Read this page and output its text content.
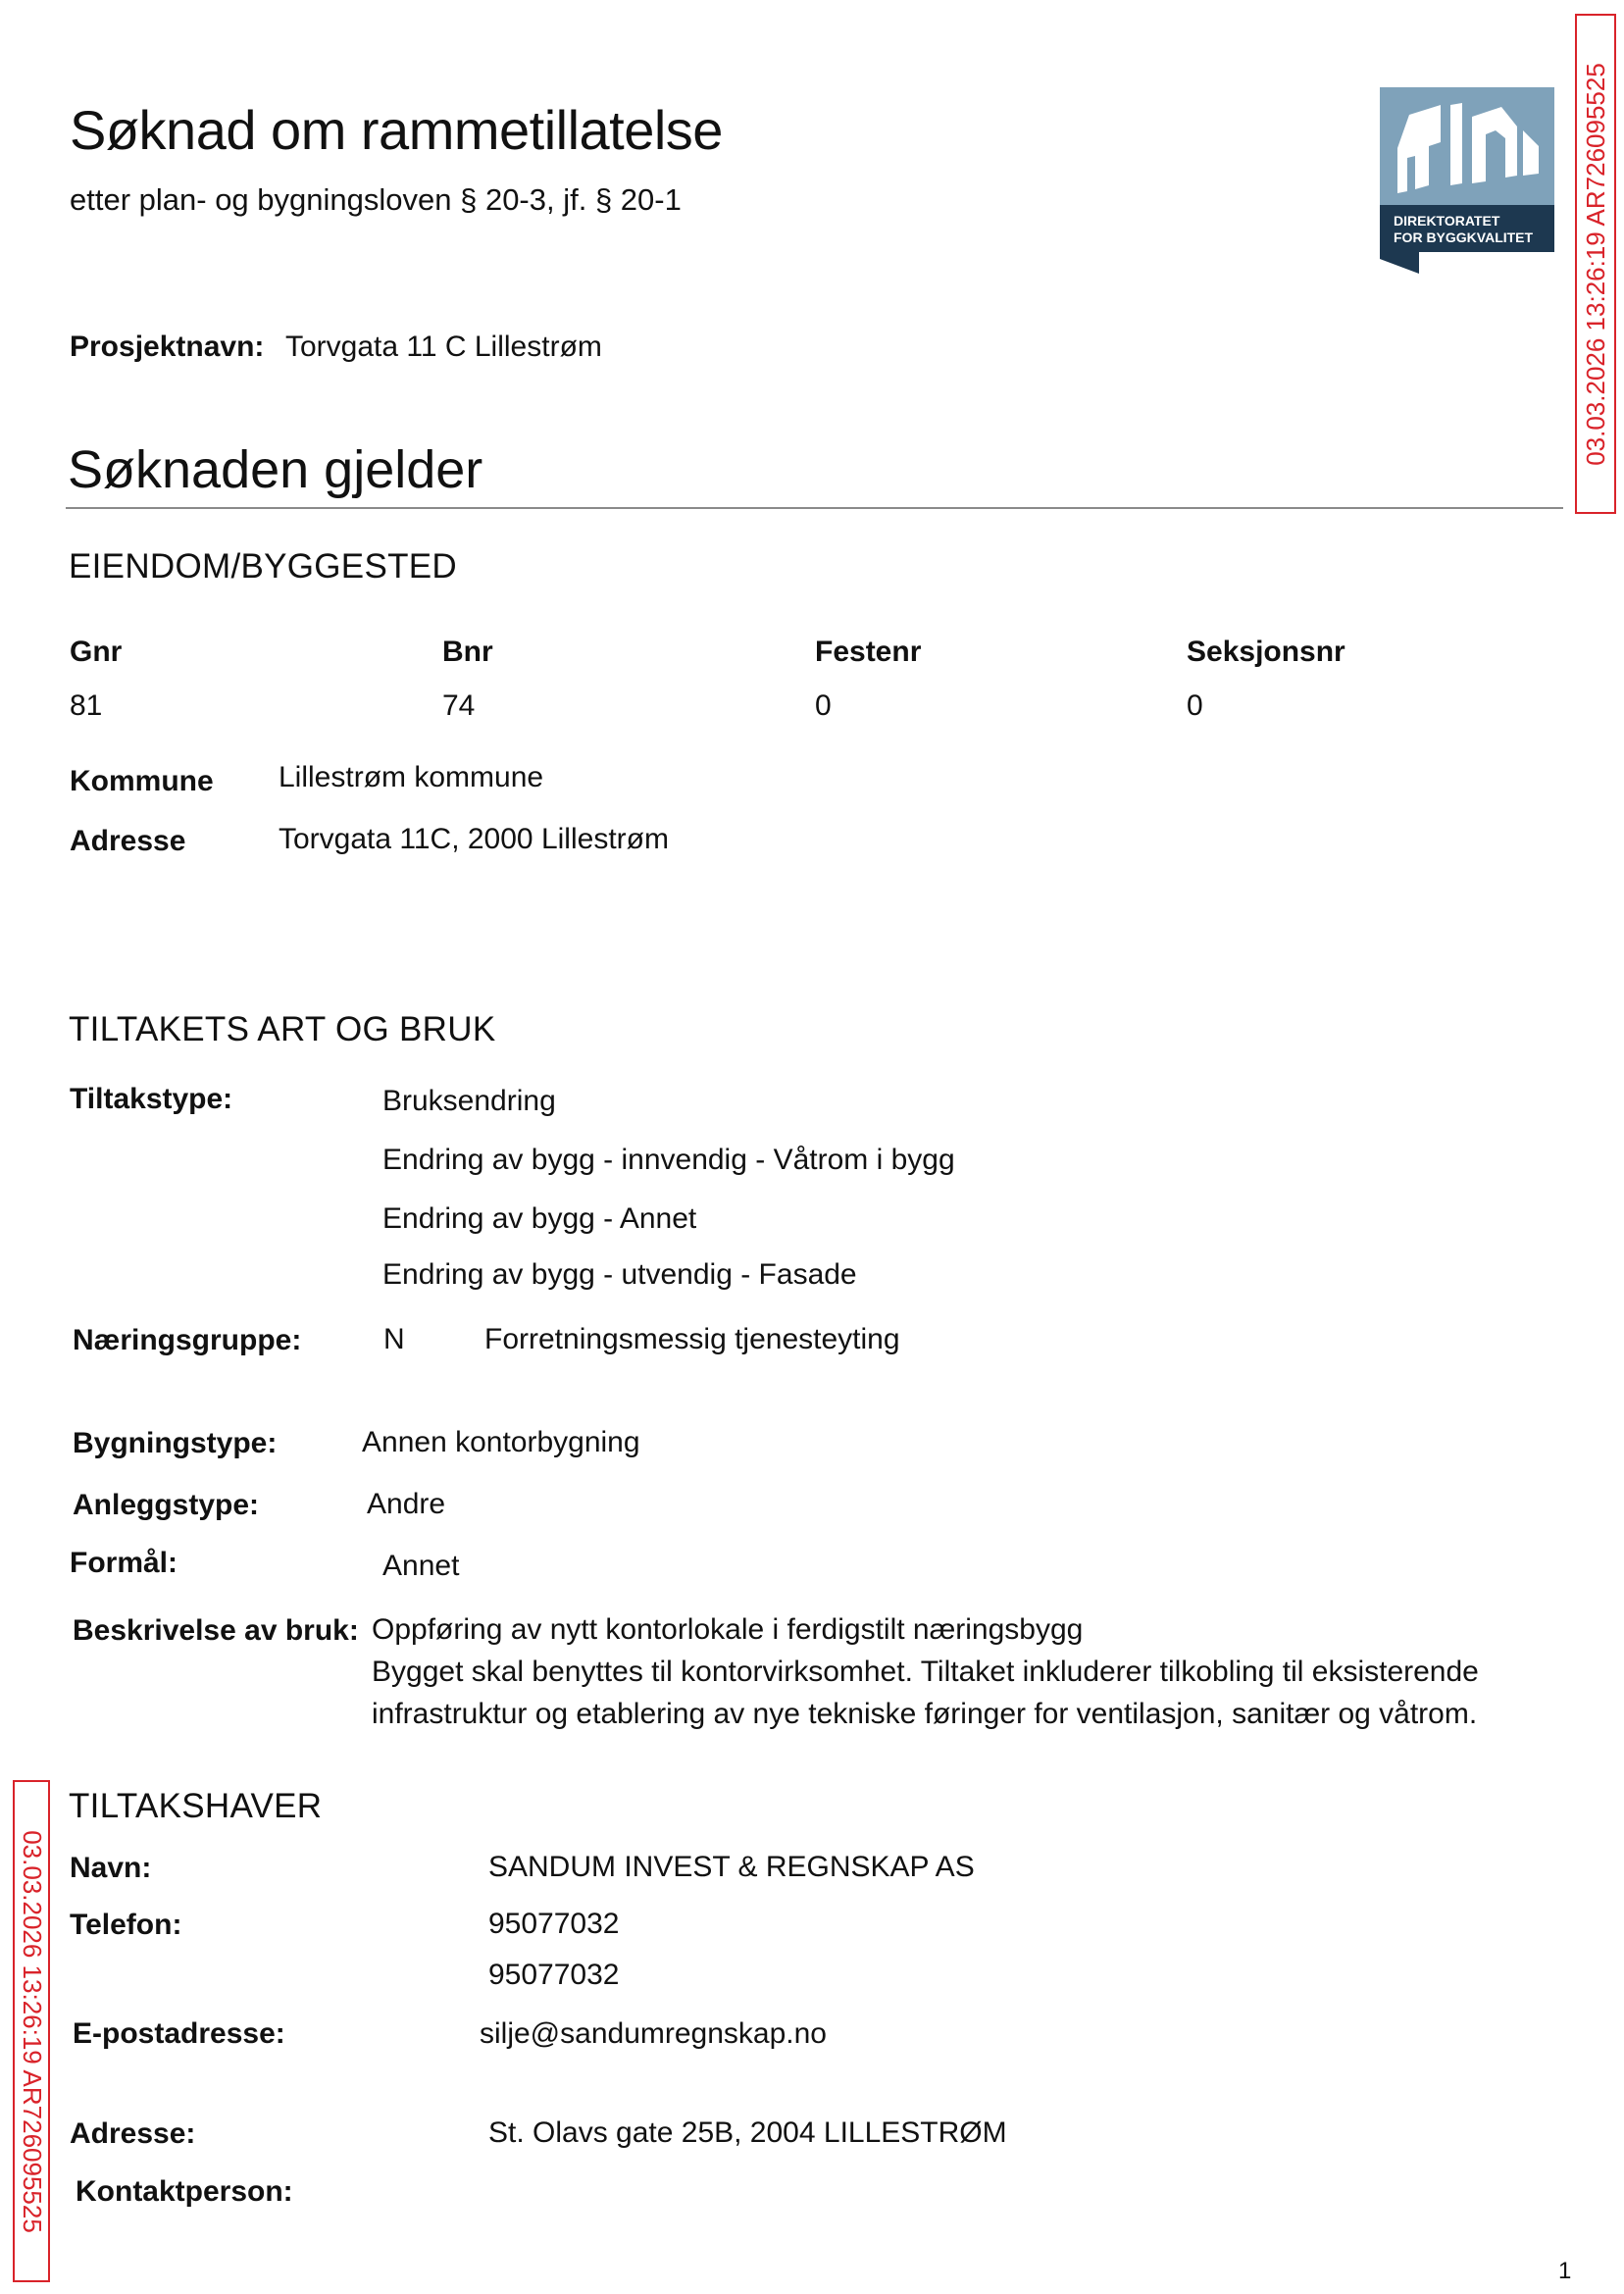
Søknad om rammetillatelse
etter plan- og bygningsloven § 20-3, jf. § 20-1
Prosjektnavn: Torvgata 11 C Lillestrøm
DIREKTORATET
FOR BYGGKVALITET 03.03.2026 13:26:19 AR726095525
03.03.2026 13:26:19 AR726095525
Søknaden gjelder
EIENDOM/BYGGESTED
Gnr	Bnr	Festenr	Seksjonsnr
81	74	0	0
Kommune Lillestrøm kommune
Adresse	Torvgata 11C, 2000 Lillestrøm
TILTAKETS ART OG BRUK
Tiltakstype:	Bruksendring
Endring av bygg - innvendig - Våtrom i bygg
Endring av bygg - Annet
Endring av bygg - utvendig - Fasade
Næringsgruppe:	N	Forretningsmessig tjenesteyting
Bygningstype:	Annen kontorbygning
Anleggstype:	Andre
Formål:	Annet
Beskrivelse av bruk: Oppføring av nytt kontorlokale i ferdigstilt næringsbygg
Bygget skal benyttes til kontorvirksomhet. Tiltaket inkluderer tilkobling til eksisterende
infrastruktur og etablering av nye tekniske føringer for ventilasjon, sanitær og våtrom.
TILTAKSHAVER
Navn:	SANDUM INVEST & REGNSKAP AS
Telefon:	95077032
95077032
E-postadresse:	silje@sandumregnskap.no
Adresse:	St. Olavs gate 25B, 2004 LILLESTRØM
Kontaktperson:
1
